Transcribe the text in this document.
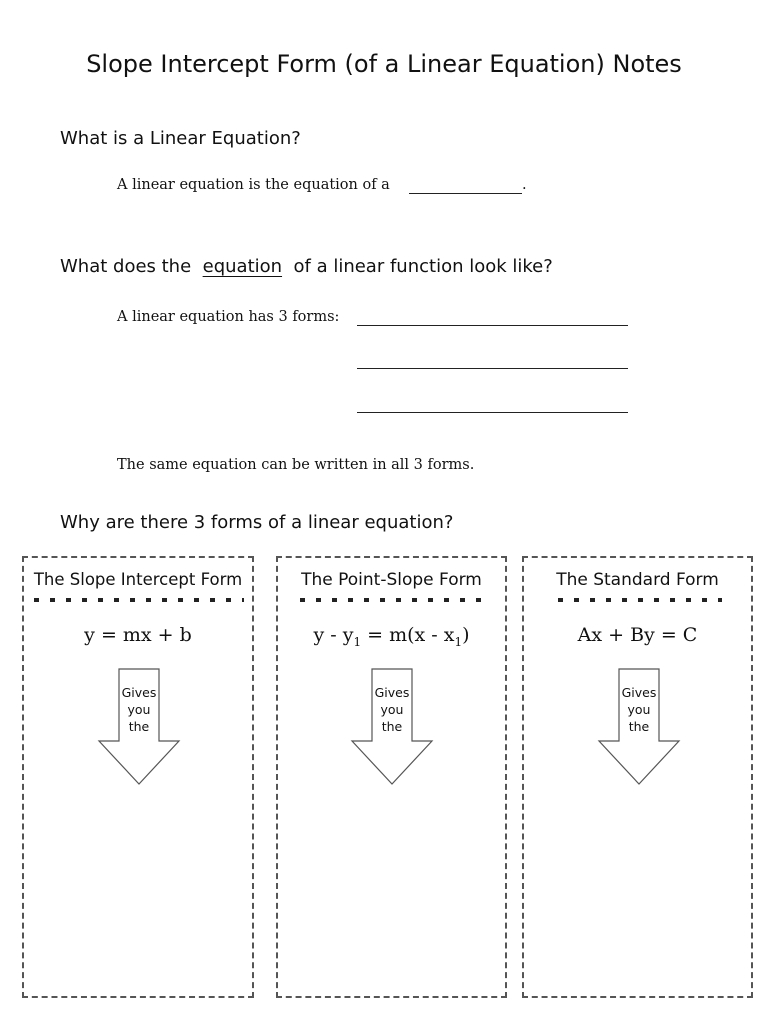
Slope Intercept Form (of a Linear Equation) Notes
What is a Linear Equation?
A linear equation is the equation of a	.
What does the equation of a linear function look like?
A linear equation has 3 forms:
The same equation can be written in all 3 forms.
Why are there 3 forms of a linear equation?
The Slope Intercept Form
y = mx + b
Gives you the
The Point-Slope Form
$y - y_1 = m(x - x_1)$
Gives you the
The Standard Form
Ax + By = C
Gives you the
